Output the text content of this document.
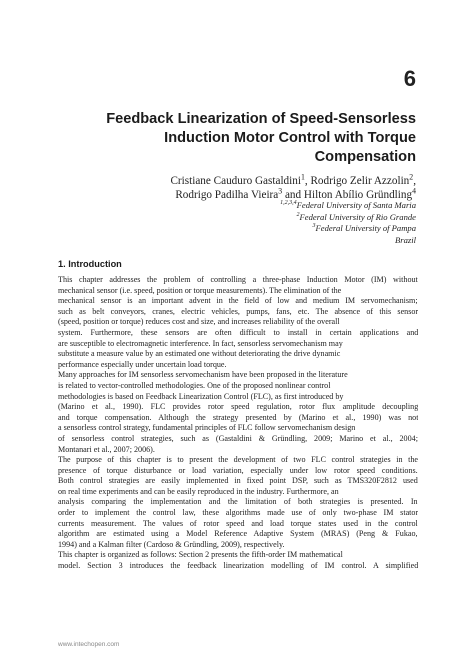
6
Feedback Linearization of Speed-Sensorless
Induction Motor Control with Torque
Compensation
Cristiane Cauduro Gastaldini$^1$, Rodrigo Zelir Azzolin$^2$,
Rodrigo Padilha Vieira$^3$ and Hilton Abílio Gründling$^4$
$^{1,2,3,4}$Federal University of Santa Maria
$^2$Federal University of Rio Grande
$^3$Federal University of Pampa
Brazil
1. Introduction
This chapter addresses the problem of controlling a three-phase Induction Motor (IM) without
mechanical sensor (i.e. speed, position or torque measurements). The elimination of the
mechanical sensor is an important advent in the field of low and medium IM servomechanism;
such as belt conveyors, cranes, electric vehicles, pumps, fans, etc. The absence of this sensor
(speed, position or torque) reduces cost and size, and increases reliability of the overall
system. Furthermore, these sensors are often difficult to install in certain applications and
are susceptible to electromagnetic interference. In fact, sensorless servomechanism may
substitute a measure value by an estimated one without deteriorating the drive dynamic
performance especially under uncertain load torque.
Many approaches for IM sensorless servomechanism have been proposed in the literature
is related to vector-controlled methodologies. One of the proposed nonlinear control
methodologies is based on Feedback Linearization Control (FLC), as first introduced by
(Marino et al., 1990). FLC provides rotor speed regulation, rotor flux amplitude decoupling
and torque compensation. Although the strategy presented by (Marino et al., 1990) was not
a sensorless control strategy, fundamental principles of FLC follow servomechanism design
of sensorless control strategies, such as (Gastaldini & Gründling, 2009; Marino et al., 2004;
Montanari et al., 2007; 2006).
The purpose of this chapter is to present the development of two FLC control strategies in the
presence of torque disturbance or load variation, especially under low rotor speed conditions.
Both control strategies are easily implemented in fixed point DSP, such as TMS320F2812 used
on real time experiments and can be easily reproduced in the industry. Furthermore, an
analysis comparing the implementation and the limitation of both strategies is presented. In
order to implement the control law, these algorithms made use of only two-phase IM stator
currents measurement. The values of rotor speed and load torque states used in the control
algorithm are estimated using a Model Reference Adaptive System (MRAS) (Peng & Fukao,
1994) and a Kalman filter (Cardoso & Gründling, 2009), respectively.
This chapter is organized as follows: Section 2 presents the fifth-order IM mathematical
model. Section 3 introduces the feedback linearization modelling of IM control. A simplified
www.intechopen.com
